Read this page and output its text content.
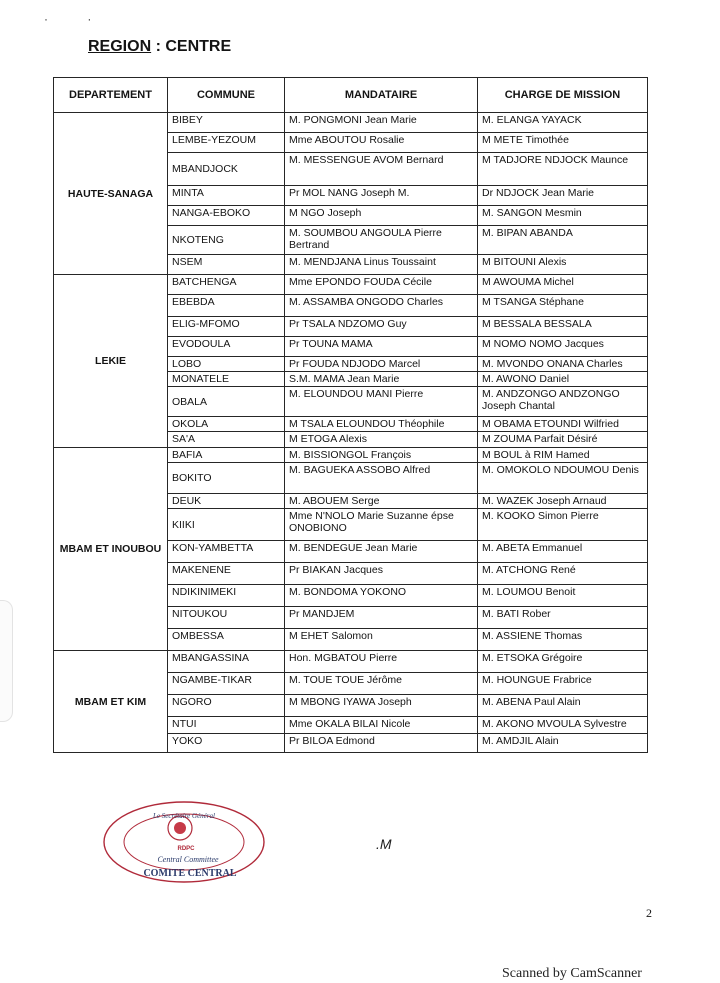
· ·
REGION : CENTRE
DEPARTEMENT	COMMUNE	MANDATAIRE	CHARGE DE MISSION
HAUTE-SANAGA	BIBEY	M. PONGMONI Jean Marie	M. ELANGA YAYACK
	LEMBE-YEZOUM	Mme ABOUTOU Rosalie	M METE Timothée
	MBANDJOCK	M. MESSENGUE AVOM Bernard	M TADJORE NDJOCK Maunce
	MINTA	Pr MOL NANG Joseph M.	Dr NDJOCK Jean Marie
	NANGA-EBOKO	M NGO Joseph	M. SANGON Mesmin
	NKOTENG	M. SOUMBOU ANGOULA Pierre Bertrand	M. BIPAN ABANDA
	NSEM	M. MENDJANA Linus Toussaint	M BITOUNI Alexis
LEKIE	BATCHENGA	Mme EPONDO FOUDA Cécile	M AWOUMA Michel
	EBEBDA	M. ASSAMBA ONGODO Charles	M TSANGA Stéphane
	ELIG-MFOMO	Pr TSALA NDZOMO Guy	M BESSALA BESSALA
	EVODOULA	Pr TOUNA MAMA	M NOMO NOMO Jacques
	LOBO	Pr FOUDA NDJODO Marcel	M. MVONDO ONANA Charles
	MONATELE	S.M. MAMA Jean Marie	M. AWONO Daniel
	OBALA	M. ELOUNDOU MANI Pierre	M. ANDZONGO ANDZONGO Joseph Chantal
	OKOLA	M TSALA ELOUNDOU Théophile	M OBAMA ETOUNDI Wilfried
	SA'A	M ETOGA Alexis	M ZOUMA Parfait Désiré
MBAM ET INOUBOU	BAFIA	M. BISSIONGOL François	M BOUL à RIM Hamed
	BOKITO	M. BAGUEKA ASSOBO Alfred	M. OMOKOLO NDOUMOU Denis
	DEUK	M. ABOUEM Serge	M. WAZEK Joseph Arnaud
	KIIKI	Mme N'NOLO Marie Suzanne épse ONOBIONO	M. KOOKO Simon Pierre
	KON-YAMBETTA	M. BENDEGUE Jean Marie	M. ABETA Emmanuel
	MAKENENE	Pr BIAKAN Jacques	M. ATCHONG René
	NDIKINIMEKI	M. BONDOMA YOKONO	M. LOUMOU Benoit
	NITOUKOU	Pr MANDJEM	M. BATI Rober
	OMBESSA	M EHET Salomon	M. ASSIENE Thomas
MBAM ET KIM	MBANGASSINA	Hon. MGBATOU Pierre	M. ETSOKA Grégoire
	NGAMBE-TIKAR	M. TOUE TOUE Jérôme	M. HOUNGUE Frabrice
	NGORO	M MBONG IYAWA Joseph	M. ABENA Paul Alain
	NTUI	Mme OKALA BILAI Nicole	M. AKONO MVOULA Sylvestre
	YOKO	Pr BILOA Edmond	M. AMDJIL Alain
Le Secrétaire Général
RDPC
Central Committee
COMITE CENTRAL
.M
2
Scanned by CamScanner
